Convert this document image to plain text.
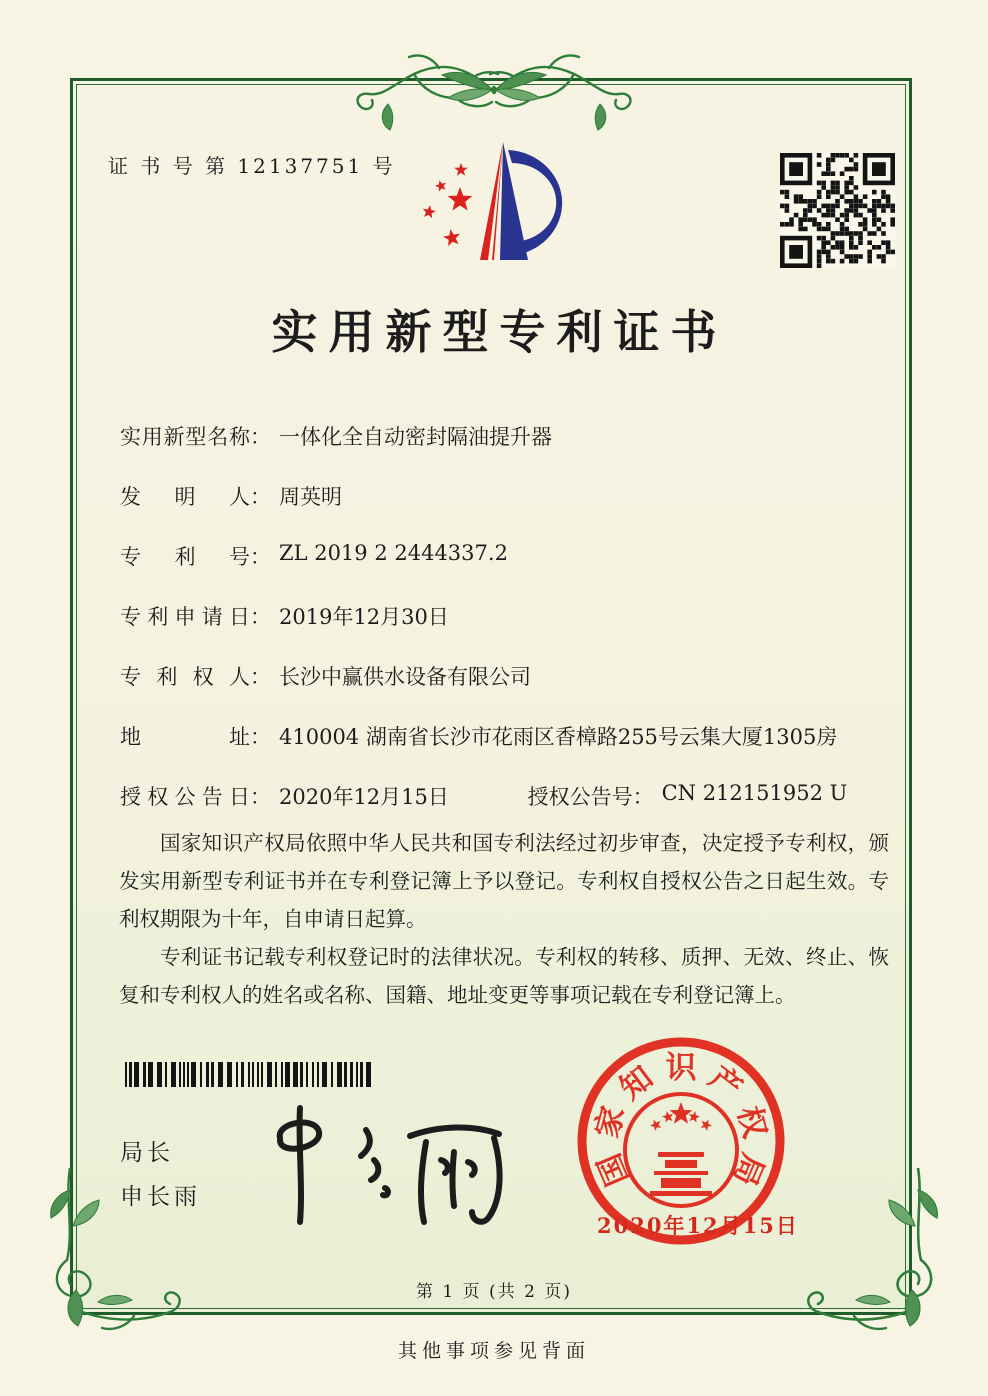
证 书 号 第 12137751 号
实用新型专利证书
实用新型名称： 一体化全自动密封隔油提升器
发明人： 周英明
专利号： ZL 2019 2 2444337.2
专利申请日： 2019年12月30日
专利权人： 长沙中赢供水设备有限公司
地址： 410004 湖南省长沙市花雨区香樟路255号云集大厦1305房
授权公告日： 2020年12月15日	授权公告号： CN 212151952 U

国家知识产权局依照中华人民共和国专利法经过初步审查，决定授予专利权，颁发实用新型专利证书并在专利登记簿上予以登记。专利权自授权公告之日起生效。专利权期限为十年，自申请日起算。

专利证书记载专利权登记时的法律状况。专利权的转移、质押、无效、终止、恢复和专利权人的姓名或名称、国籍、地址变更等事项记载在专利登记簿上。

局长
申长雨
国
家
知 识 产
权
局
2020年12月15日
第 1 页 (共 2 页)
其他事项参见背面
